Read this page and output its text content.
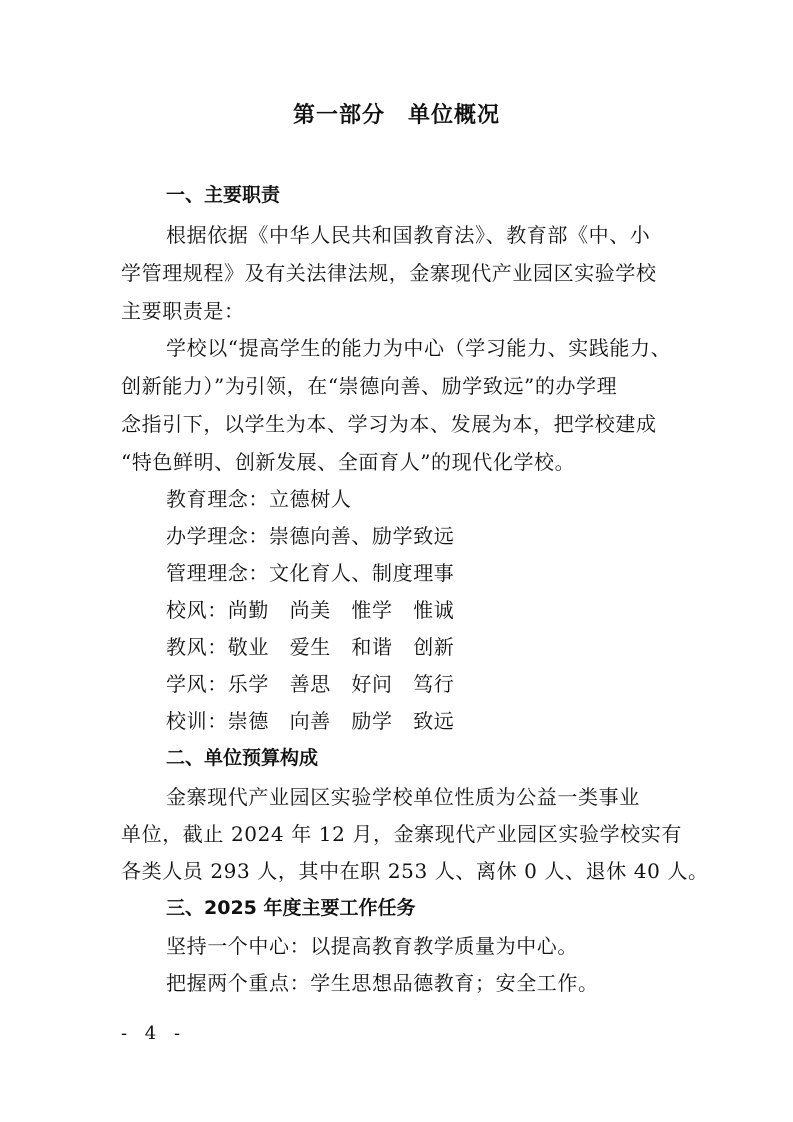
第一部分　单位概况
一、主要职责
根据依据《中华人民共和国教育法》、教育部《中、小
学管理规程》及有关法律法规，金寨现代产业园区实验学校
主要职责是：
学校以“提高学生的能力为中心（学习能力、实践能力、
创新能力）”为引领，在“崇德向善、励学致远”的办学理
念指引下，以学生为本、学习为本、发展为本，把学校建成
“特色鲜明、创新发展、全面育人”的现代化学校。
教育理念：立德树人
办学理念：崇德向善、励学致远
管理理念：文化育人、制度理事
校风：尚勤　尚美　惟学　惟诚
教风：敬业　爱生　和谐　创新
学风：乐学　善思　好问　笃行
校训：崇德　向善　励学　致远
二、单位预算构成
金寨现代产业园区实验学校单位性质为公益一类事业
单位，截止 2024 年 12 月，金寨现代产业园区实验学校实有
各类人员 293 人，其中在职 253 人、离休 0 人、退休 40 人。
三、2025 年度主要工作任务
坚持一个中心：以提高教育教学质量为中心。
把握两个重点：学生思想品德教育；安全工作。
- 4 -
